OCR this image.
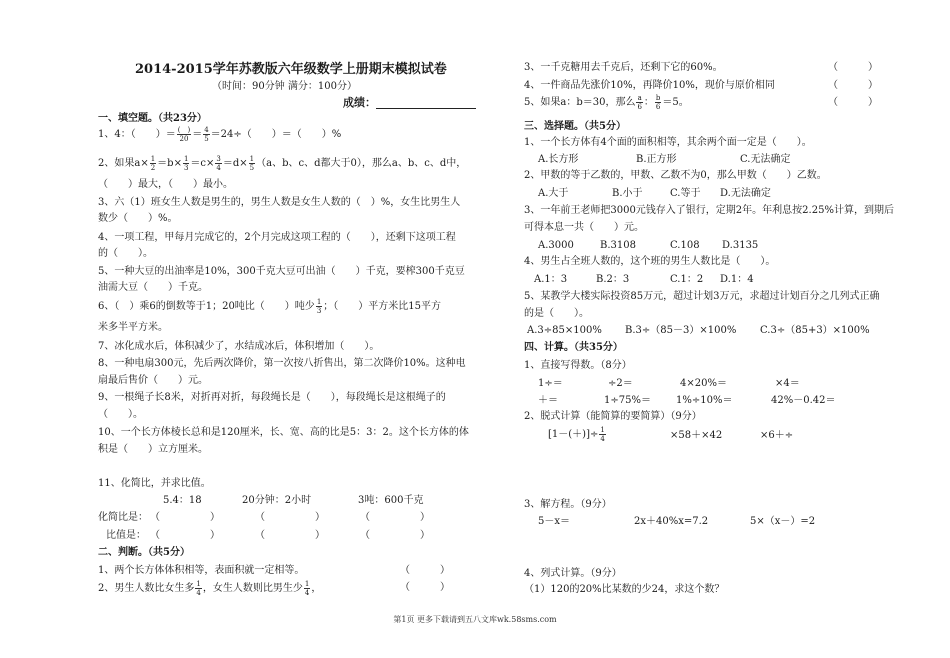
2014-2015学年苏教版六年级数学上册期末模拟试卷
（时间：90分钟 满分：100分）
成绩：
一、填空题。（共23分）
1、4：（　　）＝ (　)
$20 = \frac{4}{5} =24\div$（　　）＝（　　）%
2、如果$a\times \frac{1}{2} =b\times \frac{1}{3} =c\times \frac{3}{4} =d\times \frac{1}{5} (a$、b、c、d都大于0），那么a、b、c、d中，
（　　）最大，（　　）最小。
3、六（1）班女生人数是男生的，男生人数是女生人数的（　）%，女生比男生人
数少（　　）%。
4、一项工程，甲每月完成它的，2个月完成这项工程的（　　），还剩下这项工程
的（　　）。
5、一种大豆的出油率是10%，300千克大豆可出油（　　）千克，要榨300千克豆
油需大豆（　　）千克。
6、（　）乘6的倒数等于1；20吨比（　　）吨少 $\frac{1}{3}$ ；（　　）平方米比15平方
米多半平方米。
7、冰化成水后，体积减少了，水结成冰后，体积增加（　　）。
8、一种电扇300元，先后两次降价，第一次按八折售出，第二次降价10%。这种电
扇最后售价（　　）元。
9、一根绳子长8米，对折再对折，每段绳长是（　　），每段绳长是这根绳子的
（　　）。
10、一个长方体棱长总和是120厘米，长、宽、高的比是5：3：2。这个长方体的体
积是（　　）立方厘米。
11、化简比，并求比值。
5.4：18	20分钟：2小时	3吨：600千克
化简比是： （　　　　　）	（　　　　　）	（　　　　　）
比值是： （　　　　　）	（　　　　　）	（　　　　　）
二、判断。（共5分）
1、两个长方体体积相等，表面积就一定相等。	（　　　）
2、男生人数比女生多 $\frac{1}{4}$ ，女生人数则比男生少 $\frac{1}{4}$ ，	（　　　）
3、一千克糖用去千克后，还剩下它的60%。	（　　　）
4、一件商品先涨价10%，再降价10%，现价与原价相同	（　　　）
5、如果a：b＝30，那么 $\frac{a}{6}$ ： $\frac{b}{6} =5$。	（　　　）
三、选择题。（共5分）
1、一个长方体有4个面的面积相等，其余两个面一定是（　　）。
A.长方形	B.正方形	C.无法确定
2、甲数的等于乙数的，甲数、乙数不为0，那么甲数（　　）乙数。
A.大于	B.小于	C.等于 D.无法确定
3、一年前王老师把3000元钱存入了银行，定期2年。年利息按2.25%计算，到期后
可得本息一共（　　）元。
A.3000	B.3108	C.108 D.3135
4、男生占全班人数的，这个班的男生人数比是（　　）。
A.1：3	B.2：3	C.1：2 D.1：4
5、某教学大楼实际投资85万元，超过计划3万元，求超过计划百分之几列式正确
的是（　　）。
A.3÷85×100% B.3÷（85－3）×100% C.3÷（85+3）×100%
四、计算。（共35分）
1、直接写得数。（8分）
1÷＝	÷2＝	4×20%＝	×4＝
＋＝	1÷75%＝	1%÷10%＝	42%－0.42＝
2、脱式计算（能简算的要简算）（9分）
$[1-(+)]\div \frac{1}{4}$	×58＋×42	×6＋÷
3、解方程。（9分）
5－x＝	2x＋40%x=7.2	5×（x－）=2
4、列式计算。（9分）
（1）120的20%比某数的少24，求这个数？
第1页 更多下载请到五八文库wk.58sms.com
